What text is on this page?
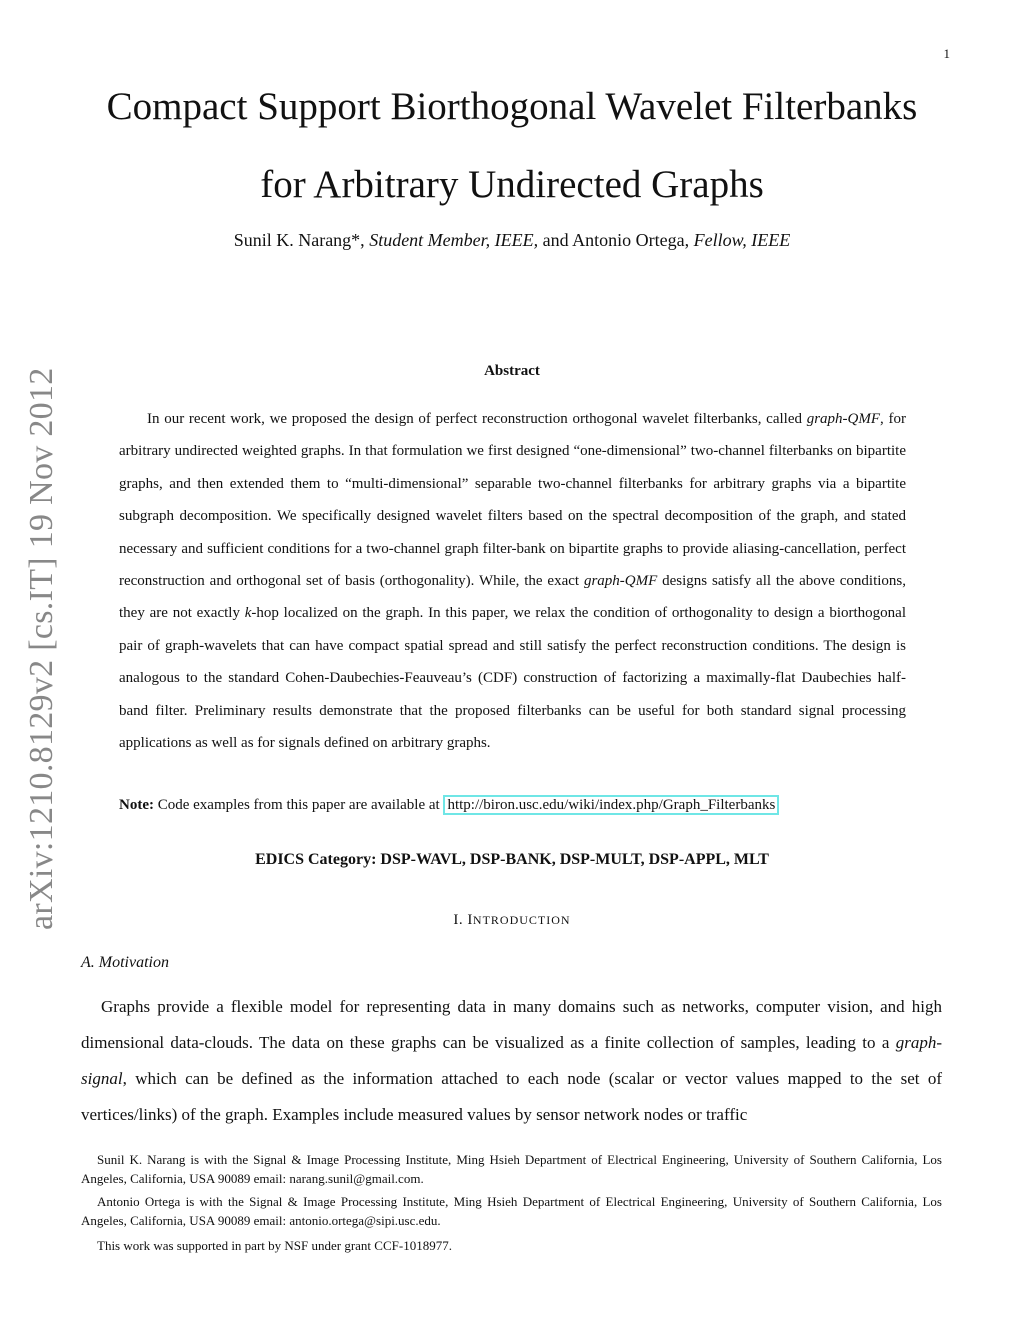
1
Compact Support Biorthogonal Wavelet Filterbanks
for Arbitrary Undirected Graphs
Sunil K. Narang*, Student Member, IEEE, and Antonio Ortega, Fellow, IEEE
arXiv:1210.8129v2 [cs.IT] 19 Nov 2012	Abstract
In our recent work, we proposed the design of perfect reconstruction orthogonal wavelet filterbanks, called graph-QMF, for arbitrary undirected weighted graphs. In that formulation we first designed “one-dimensional” two-channel filterbanks on bipartite graphs, and then extended them to “multi-dimensional” separable two-channel filterbanks for arbitrary graphs via a bipartite subgraph decomposition. We specifically designed wavelet filters based on the spectral decomposition of the graph, and stated necessary and sufficient conditions for a two-channel graph filter-bank on bipartite graphs to provide aliasing-cancellation, perfect reconstruction and orthogonal set of basis (orthogonality). While, the exact graph-QMF designs satisfy all the above conditions, they are not exactly k-hop localized on the graph. In this paper, we relax the condition of orthogonality to design a biorthogonal pair of graph-wavelets that can have compact spatial spread and still satisfy the perfect reconstruction conditions. The design is analogous to the standard Cohen-Daubechies-Feauveau’s (CDF) construction of factorizing a maximally-flat Daubechies half-band filter. Preliminary results demonstrate that the proposed filterbanks can be useful for both standard signal processing applications as well as for signals defined on arbitrary graphs.
Note: Code examples from this paper are available at http://biron.usc.edu/wiki/index.php/Graph_Filterbanks
EDICS Category: DSP-WAVL, DSP-BANK, DSP-MULT, DSP-APPL, MLT
I. INTRODUCTION
A. Motivation
Graphs provide a flexible model for representing data in many domains such as networks, computer vision, and high dimensional data-clouds. The data on these graphs can be visualized as a finite collection of samples, leading to a graph-signal, which can be defined as the information attached to each node (scalar or vector values mapped to the set of vertices/links) of the graph. Examples include measured values by sensor network nodes or traffic
Sunil K. Narang is with the Signal & Image Processing Institute, Ming Hsieh Department of Electrical Engineering, University of Southern California, Los Angeles, California, USA 90089 email: narang.sunil@gmail.com.
Antonio Ortega is with the Signal & Image Processing Institute, Ming Hsieh Department of Electrical Engineering, University of Southern California, Los Angeles, California, USA 90089 email: antonio.ortega@sipi.usc.edu.
This work was supported in part by NSF under grant CCF-1018977.
